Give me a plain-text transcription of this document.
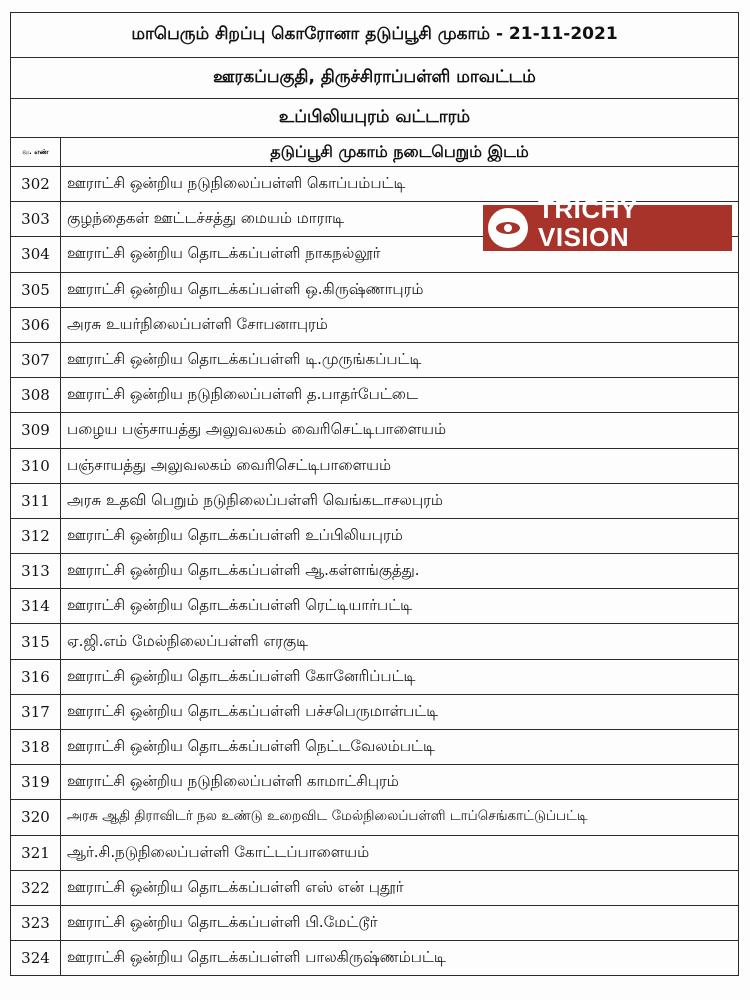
மாபெரும் சிறப்பு கொரோனா தடுப்பூசி முகாம் - 21-11-2021	
ஊரகப்பகுதி, திருச்சிராப்பள்ளி மாவட்டம்	
உப்பிலியபுரம் வட்டாரம்	
வ. எண்	தடுப்பூசி முகாம் நடைபெறும் இடம்
302	ஊராட்சி ஒன்றிய நடுநிலைப்பள்ளி கொப்பம்பட்டி
303	குழந்தைகள் ஊட்டச்சத்து மையம் மாராடி
304	ஊராட்சி ஒன்றிய தொடக்கப்பள்ளி நாகநல்லூர்
305	ஊராட்சி ஒன்றிய தொடக்கப்பள்ளி ஒ.கிருஷ்ணாபுரம்
306	அரசு உயர்நிலைப்பள்ளி சோபனாபுரம்
307	ஊராட்சி ஒன்றிய தொடக்கப்பள்ளி டி.முருங்கப்பட்டி
308	ஊராட்சி ஒன்றிய நடுநிலைப்பள்ளி த.பாதர்பேட்டை
309	பழைய பஞ்சாயத்து அலுவலகம் வைரிசெட்டிபாளையம்
310	பஞ்சாயத்து அலுவலகம் வைரிசெட்டிபாளையம்
311	அரசு உதவி பெறும் நடுநிலைப்பள்ளி வெங்கடாசலபுரம்
312	ஊராட்சி ஒன்றிய தொடக்கப்பள்ளி உப்பிலியபுரம்
313	ஊராட்சி ஒன்றிய தொடக்கப்பள்ளி ஆ.கள்ளங்குத்து.
314	ஊராட்சி ஒன்றிய தொடக்கப்பள்ளி ரெட்டியார்பட்டி
315	ஏ.ஜி.எம் மேல்நிலைப்பள்ளி எரகுடி
316	ஊராட்சி ஒன்றிய தொடக்கப்பள்ளி கோனேரிப்பட்டி
317	ஊராட்சி ஒன்றிய தொடக்கப்பள்ளி பச்சபெருமாள்பட்டி
318	ஊராட்சி ஒன்றிய தொடக்கப்பள்ளி நெட்டவேலம்பட்டி
319	ஊராட்சி ஒன்றிய நடுநிலைப்பள்ளி காமாட்சிபுரம்
320	அரசு ஆதி திராவிடர் நல உண்டு உறைவிட மேல்நிலைப்பள்ளி டாப்செங்காட்டுப்பட்டி
321	ஆர்.சி.நடுநிலைப்பள்ளி கோட்டப்பாளையம்
322	ஊராட்சி ஒன்றிய தொடக்கப்பள்ளி எஸ் என் புதூர்
323	ஊராட்சி ஒன்றிய தொடக்கப்பள்ளி பி.மேட்டூர்
324	ஊராட்சி ஒன்றிய தொடக்கப்பள்ளி பாலகிருஷ்ணம்பட்டி
TRICHY VISION
THE THIRD EYE
